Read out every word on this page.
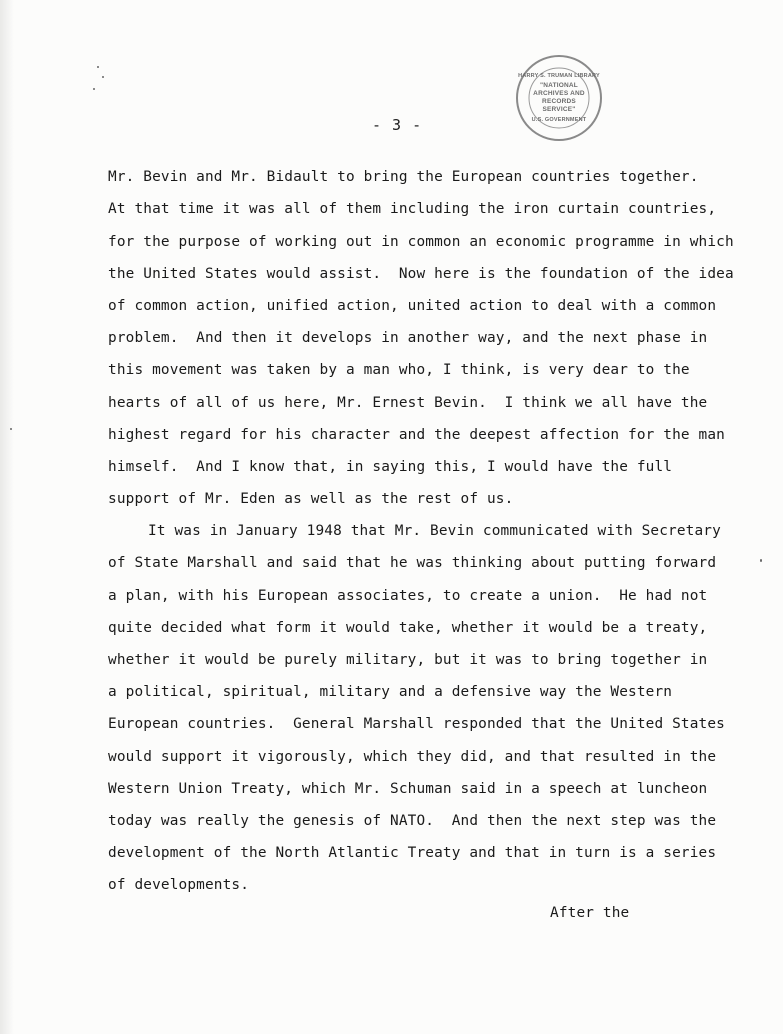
HARRY S. TRUMAN LIBRARY
"NATIONAL
ARCHIVES AND
RECORDS
SERVICE"
U.S. GOVERNMENT
- 3 -

Mr. Bevin and Mr. Bidault to bring the European countries together.

At that time it was all of them including the iron curtain countries,

for the purpose of working out in common an economic programme in which

the United States would assist.  Now here is the foundation of the idea

of common action, unified action, united action to deal with a common

problem.  And then it develops in another way, and the next phase in

this movement was taken by a man who, I think, is very dear to the

hearts of all of us here, Mr. Ernest Bevin.  I think we all have the

highest regard for his character and the deepest affection for the man

himself.  And I know that, in saying this, I would have the full

support of Mr. Eden as well as the rest of us.

It was in January 1948 that Mr. Bevin communicated with Secretary

of State Marshall and said that he was thinking about putting forward

a plan, with his European associates, to create a union.  He had not

quite decided what form it would take, whether it would be a treaty,

whether it would be purely military, but it was to bring together in

a political, spiritual, military and a defensive way the Western

European countries.  General Marshall responded that the United States

would support it vigorously, which they did, and that resulted in the

Western Union Treaty, which Mr. Schuman said in a speech at luncheon

today was really the genesis of NATO.  And then the next step was the

development of the North Atlantic Treaty and that in turn is a series

of developments.

After the
